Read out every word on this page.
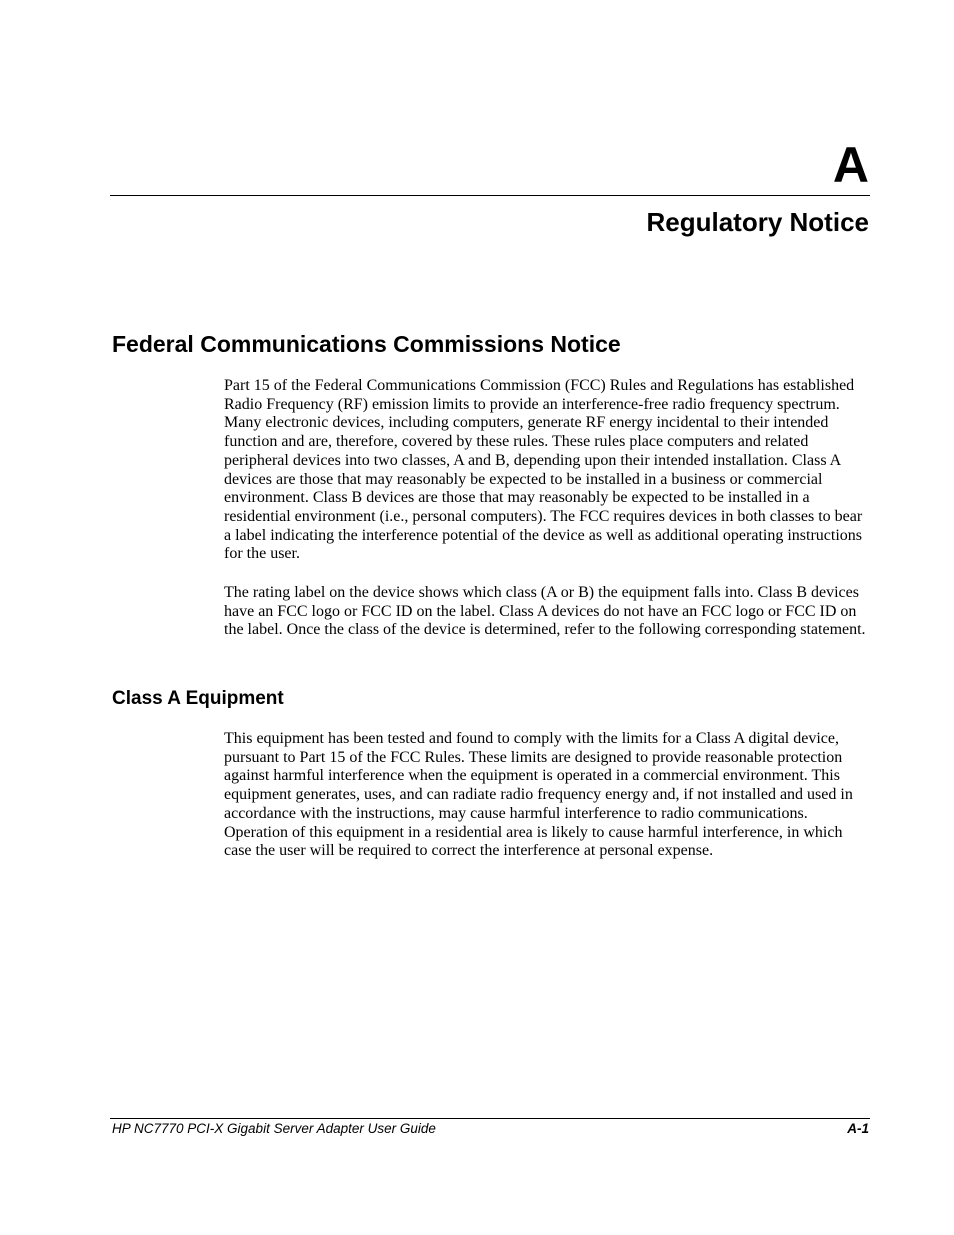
A
Regulatory Notice
Federal Communications Commissions Notice

Part 15 of the Federal Communications Commission (FCC) Rules and Regulations has established Radio Frequency (RF) emission limits to provide an interference-free radio frequency spectrum. Many electronic devices, including computers, generate RF energy incidental to their intended function and are, therefore, covered by these rules. These rules place computers and related peripheral devices into two classes, A and B, depending upon their intended installation. Class A devices are those that may reasonably be expected to be installed in a business or commercial environment. Class B devices are those that may reasonably be expected to be installed in a residential environment (i.e., personal computers). The FCC requires devices in both classes to bear a label indicating the interference potential of the device as well as additional operating instructions for the user.

The rating label on the device shows which class (A or B) the equipment falls into. Class B devices have an FCC logo or FCC ID on the label. Class A devices do not have an FCC logo or FCC ID on the label. Once the class of the device is determined, refer to the following corresponding statement.

Class A Equipment

This equipment has been tested and found to comply with the limits for a Class A digital device, pursuant to Part 15 of the FCC Rules. These limits are designed to provide reasonable protection against harmful interference when the equipment is operated in a commercial environment. This equipment generates, uses, and can radiate radio frequency energy and, if not installed and used in accordance with the instructions, may cause harmful interference to radio communications. Operation of this equipment in a residential area is likely to cause harmful interference, in which case the user will be required to correct the interference at personal expense.

HP NC7770 PCI-X Gigabit Server Adapter User Guide	A-1
